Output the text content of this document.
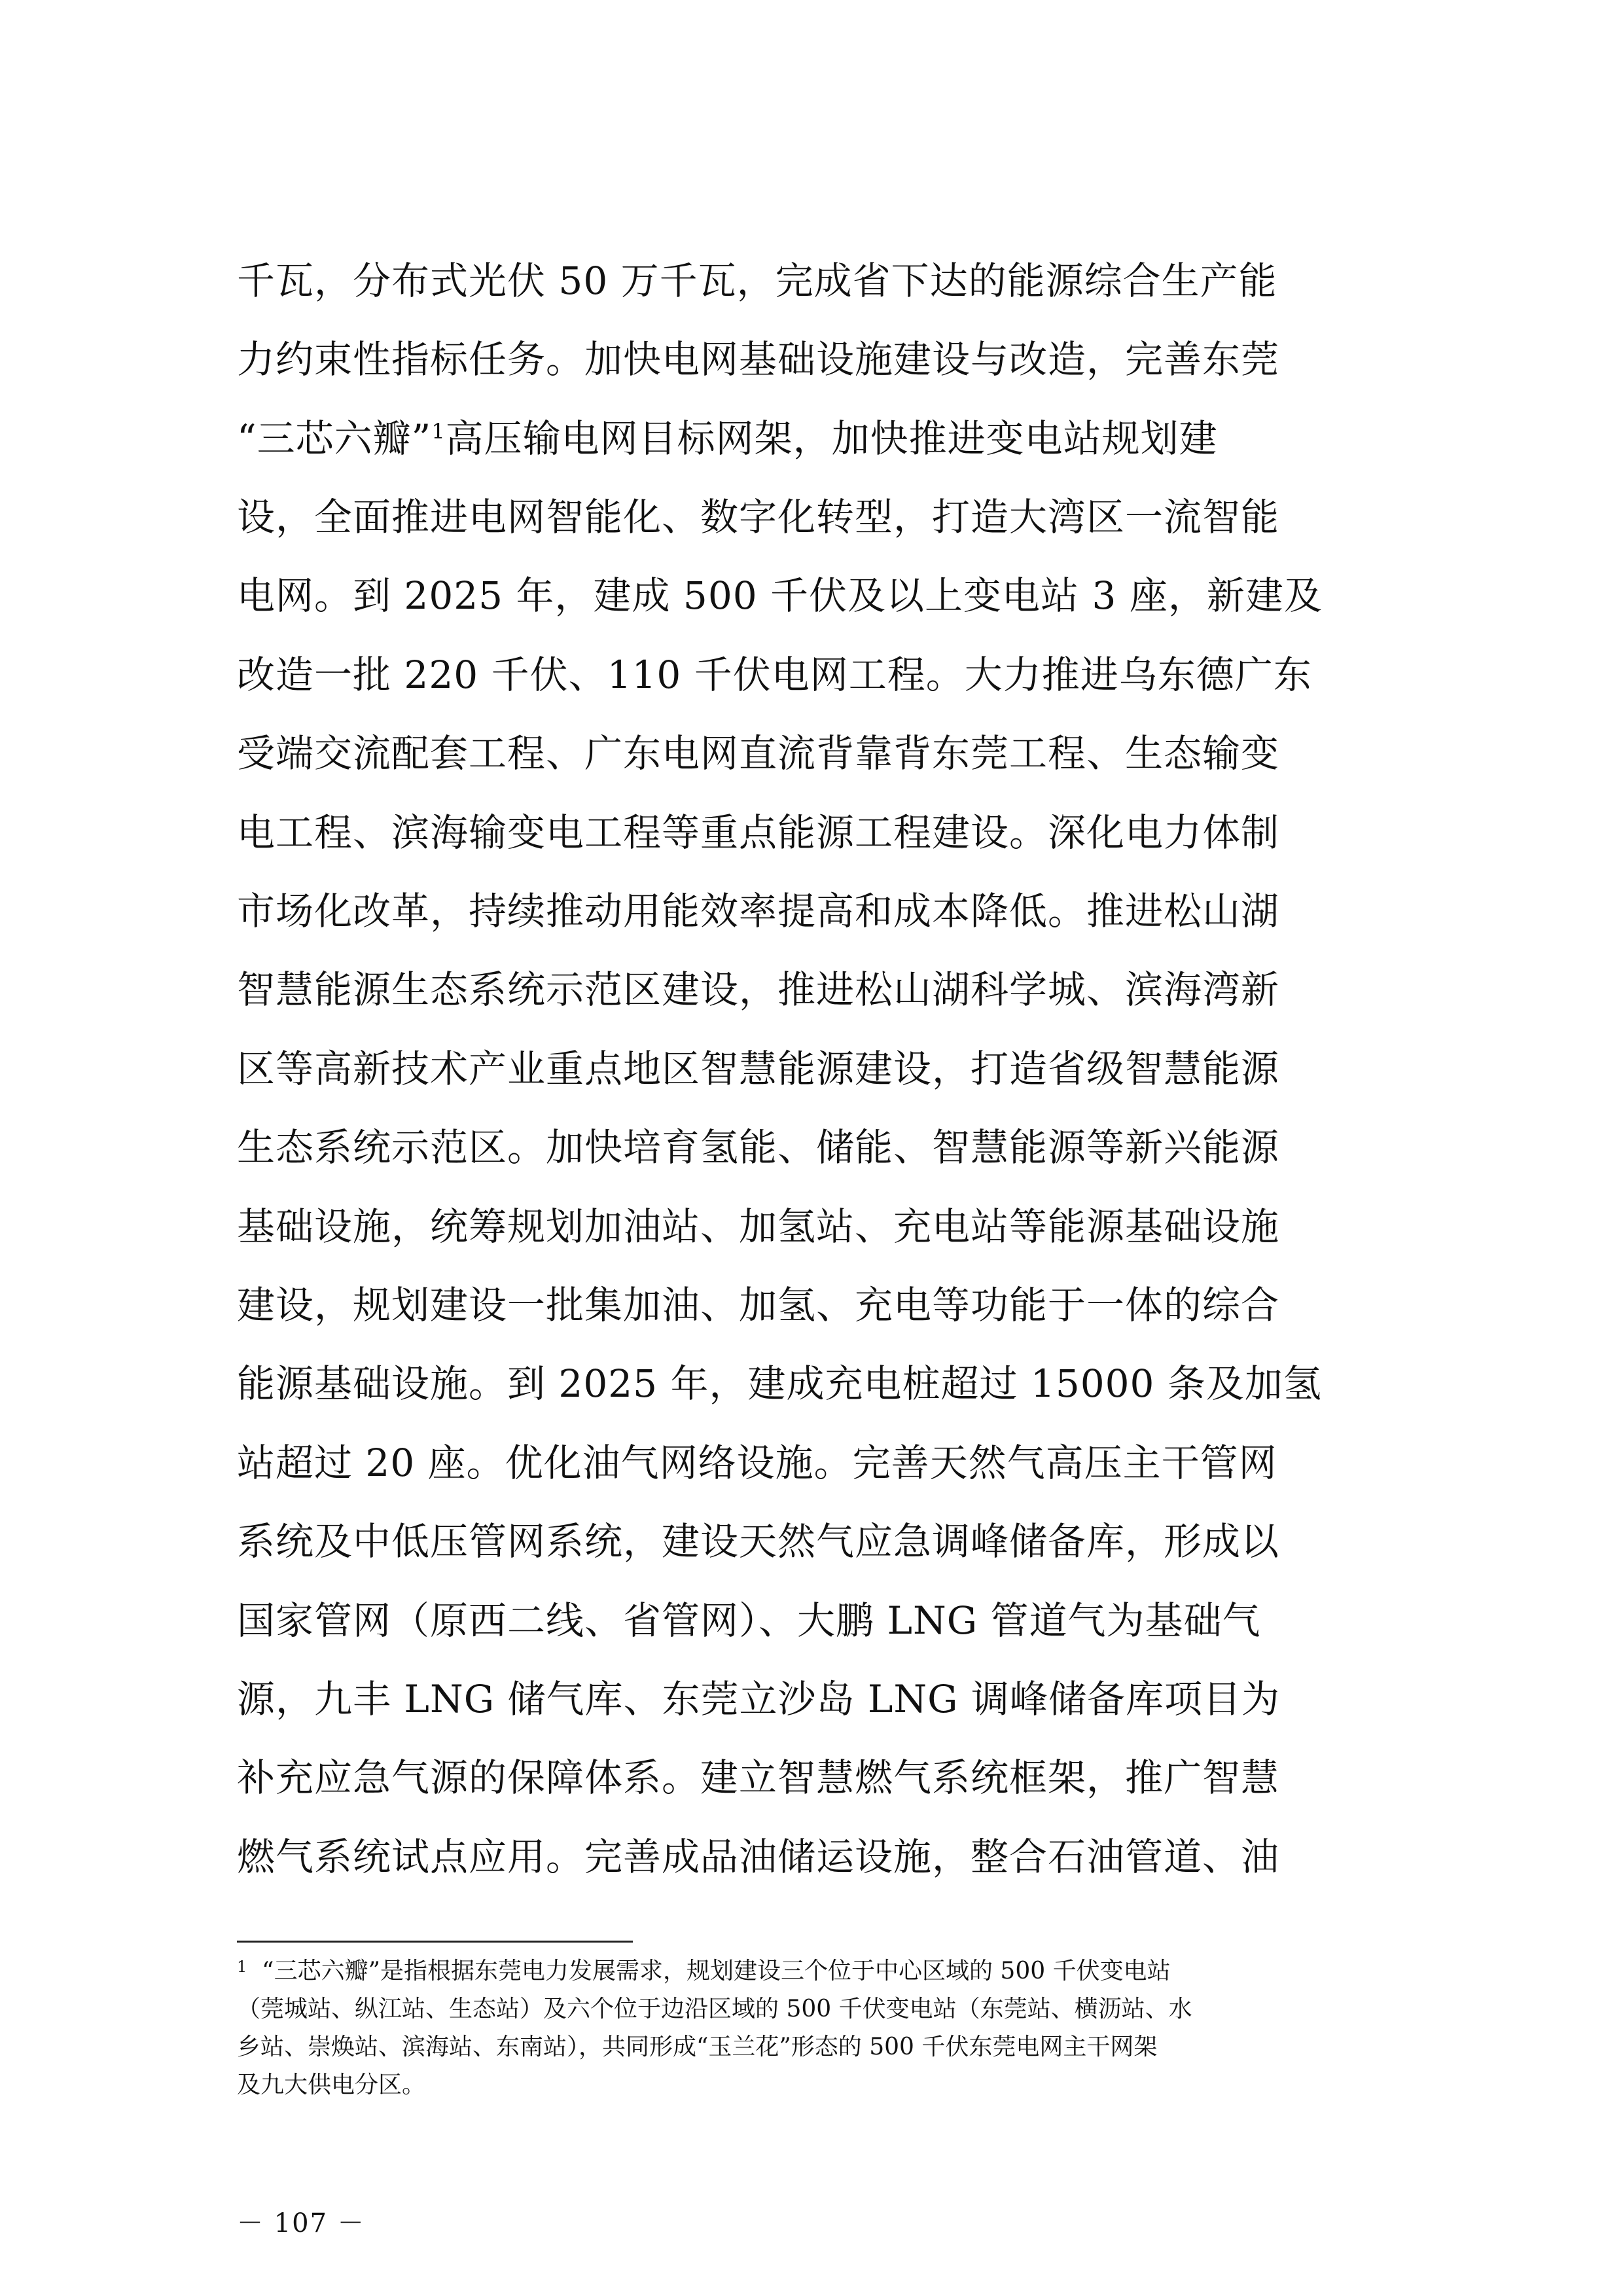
千瓦，分布式光伏 50 万千瓦，完成省下达的能源综合生产能

力约束性指标任务。加快电网基础设施建设与改造，完善东莞

“三芯六瓣”$^1$高压输电网目标网架，加快推进变电站规划建

设，全面推进电网智能化、数字化转型，打造大湾区一流智能

电网。到 2025 年，建成 500 千伏及以上变电站 3 座，新建及

改造一批 220 千伏、110 千伏电网工程。大力推进乌东德广东

受端交流配套工程、广东电网直流背靠背东莞工程、生态输变

电工程、滨海输变电工程等重点能源工程建设。深化电力体制

市场化改革，持续推动用能效率提高和成本降低。推进松山湖

智慧能源生态系统示范区建设，推进松山湖科学城、滨海湾新

区等高新技术产业重点地区智慧能源建设，打造省级智慧能源

生态系统示范区。加快培育氢能、储能、智慧能源等新兴能源

基础设施，统筹规划加油站、加氢站、充电站等能源基础设施

建设，规划建设一批集加油、加氢、充电等功能于一体的综合

能源基础设施。到 2025 年，建成充电桩超过 15000 条及加氢

站超过 20 座。优化油气网络设施。完善天然气高压主干管网

系统及中低压管网系统，建设天然气应急调峰储备库，形成以

国家管网（原西二线、省管网）、大鹏 LNG 管道气为基础气

源，九丰 LNG 储气库、东莞立沙岛 LNG 调峰储备库项目为

补充应急气源的保障体系。建立智慧燃气系统框架，推广智慧

燃气系统试点应用。完善成品油储运设施，整合石油管道、油

$^1$ “三芯六瓣”是指根据东莞电力发展需求，规划建设三个位于中心区域的 500 千伏变电站

（莞城站、纵江站、生态站）及六个位于边沿区域的 500 千伏变电站（东莞站、横沥站、水

乡站、崇焕站、滨海站、东南站），共同形成“玉兰花”形态的 500 千伏东莞电网主干网架

及九大供电分区。

－ 107 －
